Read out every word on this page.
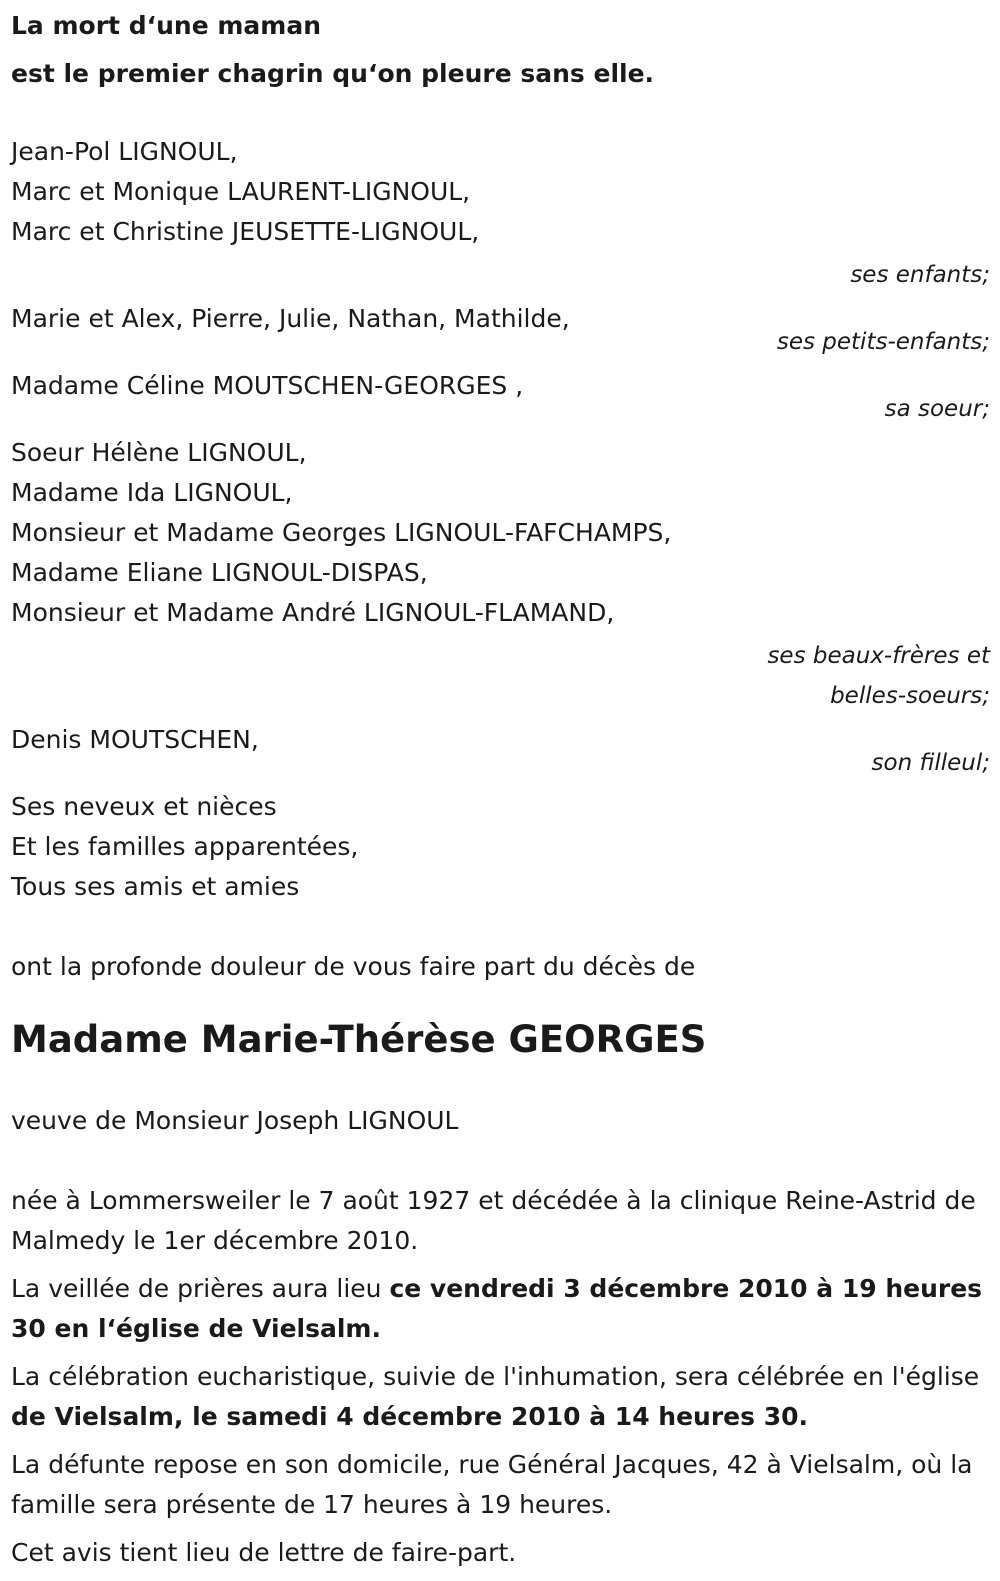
La mort d‘une maman
est le premier chagrin qu‘on pleure sans elle.
Jean-Pol LIGNOUL,
Marc et Monique LAURENT-LIGNOUL,
Marc et Christine JEUSETTE-LIGNOUL,
ses enfants;
Marie et Alex, Pierre, Julie, Nathan, Mathilde,
ses petits-enfants;
Madame Céline MOUTSCHEN-GEORGES ,
sa soeur;
Soeur Hélène LIGNOUL,
Madame Ida LIGNOUL,
Monsieur et Madame Georges LIGNOUL-FAFCHAMPS,
Madame Eliane LIGNOUL-DISPAS,
Monsieur et Madame André LIGNOUL-FLAMAND,
ses beaux-frères et
belles-soeurs;
Denis MOUTSCHEN,
son filleul;
Ses neveux et nièces
Et les familles apparentées,
Tous ses amis et amies
ont la profonde douleur de vous faire part du décès de
Madame Marie-Thérèse GEORGES
veuve de Monsieur Joseph LIGNOUL
née à Lommersweiler le 7 août 1927 et décédée à la clinique Reine-Astrid de Malmedy le 1er décembre 2010.
La veillée de prières aura lieu ce vendredi 3 décembre 2010 à 19 heures 30 en l‘église de Vielsalm.
La célébration eucharistique, suivie de l'inhumation, sera célébrée en l'église de Vielsalm, le samedi 4 décembre 2010 à 14 heures 30.
La défunte repose en son domicile, rue Général Jacques, 42 à Vielsalm, où la famille sera présente de 17 heures à 19 heures.
Cet avis tient lieu de lettre de faire-part.
